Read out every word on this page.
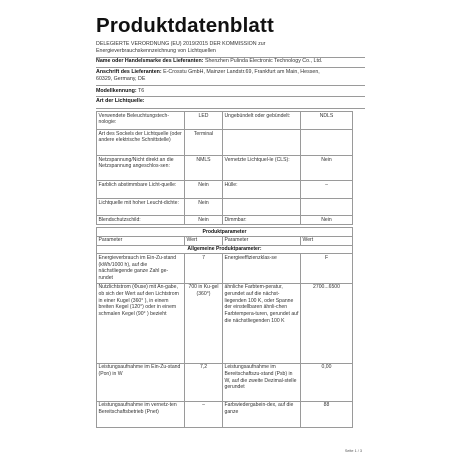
Produktdatenblatt
DELEGIERTE VERORDNUNG (EU) 2019/2015 DER KOMMISSION zur
Energieverbrauchskennzeichnung von Lichtquellen
Name oder Handelsmarke des Lieferanten: Shenzhen Pulinda Electronic Technology Co., Ltd.
Anschrift des Lieferanten: E-Crosstu GmbH, Mainzer Landstr.69, Frankfurt am Main, Hessen,
60329, Germany, DE
Modellkennung: T6
Art der Lichtquelle:
Verwendete Beleuchtungstech-nologie:	LED	Ungebündelt oder gebündelt:	NDLS
Art des Sockels der Lichtquelle (oder andere elektrische Schnittstelle)	Terminal		
Netzspannung/Nicht direkt an die Netzspannung angeschlos-sen:	NMLS	Vernetzte Lichtquel-le (CLS):	Nein
Farblich abstimmbare Licht-quelle:	Nein	Hülle:	–
Lichtquelle mit hoher Leucht-dichte:	Nein		
Blendschutzschild:	Nein	Dimmbar:	Nein
Produktparameter			
Parameter	Wert	Parameter	Wert
Allgemeine Produktparameter:			
Energieverbrauch im Ein-Zu-stand (kWh/1000 h), auf die nächstliegende ganze Zahl ge-rundet	7	Energieeffizienzklas-se	F
Nutzlichtstrom (Φuse) mit An-gabe, ob sich der Wert auf den Lichtstrom in einer Kugel (360° ), in einem breiten Kegel (120°) oder in einem schmalen Kegel (90° ) bezieht	700 in Ku-gel (360°)	ähnliche Farbtem-peratur, gerundet auf die nächst-liegenden 100 K, oder Spanne der einstellbaren ähnli-chen Farbtempera-turen, gerundet auf die nächstliegenden 100 K	2700...6500
Leistungsaufnahme im Ein-Zu-stand (Pon) in W	7,2	Leistungsaufnahme im Bereitschaftszu-stand (Psb) in W, auf die zweite Dezimal-stelle gerundet	0,00
Leistungsaufnahme im vernetz-ten Bereitschaftsbetrieb (Pnet)	–	Farbwiedergabein-dex, auf die ganze	88
Seite 1 / 3
